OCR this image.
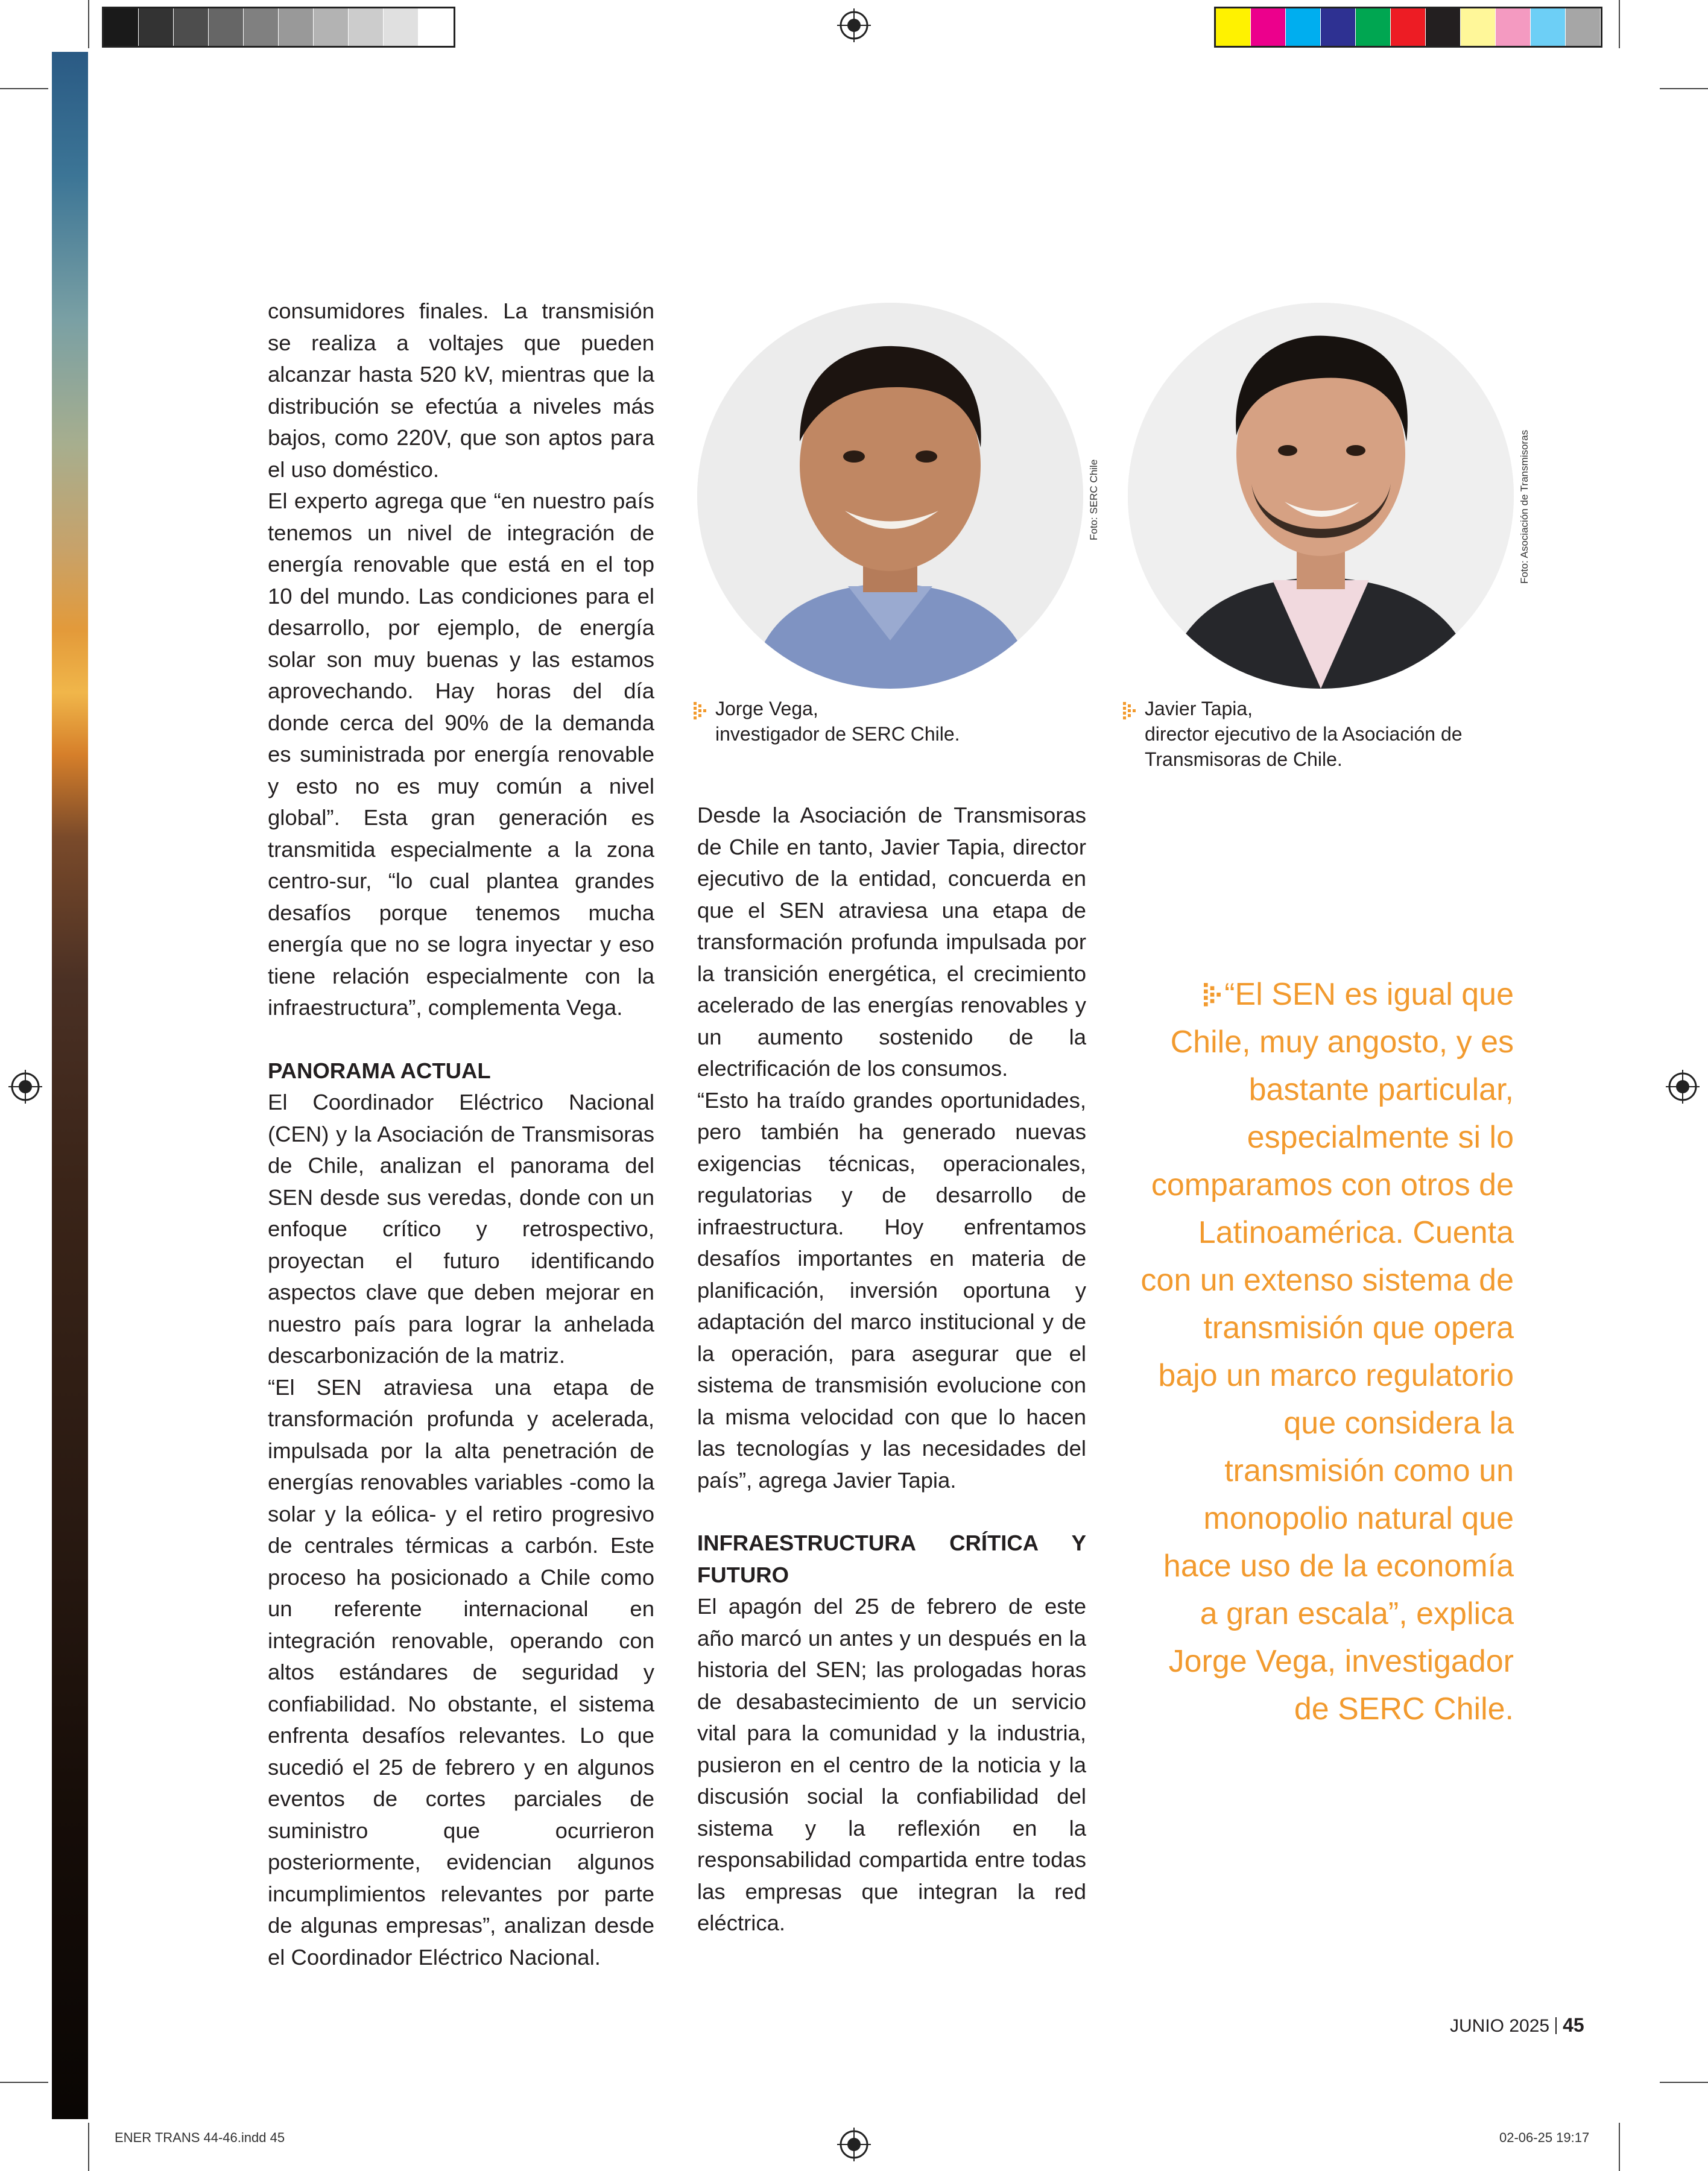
consumidores finales. La transmisión se realiza a voltajes que pueden alcanzar hasta 520 kV, mientras que la distribución se efectúa a niveles más bajos, como 220V, que son aptos para el uso doméstico.

El experto agrega que “en nuestro país tenemos un nivel de integración de energía renovable que está en el top 10 del mundo. Las condiciones para el desarrollo, por ejemplo, de energía solar son muy buenas y las estamos aprovechando. Hay horas del día donde cerca del 90% de la demanda es suministrada por energía renovable y esto no es muy común a nivel global”. Esta gran generación es transmitida especialmente a la zona centro-sur, “lo cual plantea grandes desafíos porque tenemos mucha energía que no se logra inyectar y eso tiene relación especialmente con la infraestructura”, complementa Vega.

PANORAMA ACTUAL

El Coordinador Eléctrico Nacional (CEN) y la Asociación de Transmisoras de Chile, analizan el panorama del SEN desde sus veredas, donde con un enfoque crítico y retrospectivo, proyectan el futuro identificando aspectos clave que deben mejorar en nuestro país para lograr la anhelada descarbonización de la matriz.

“El SEN atraviesa una etapa de transformación profunda y acelerada, impulsada por la alta penetración de energías renovables variables -como la solar y la eólica- y el retiro progresivo de centrales térmicas a carbón. Este proceso ha posicionado a Chile como un referente internacional en integración renovable, operando con altos estándares de seguridad y confiabilidad. No obstante, el sistema enfrenta desafíos relevantes. Lo que sucedió el 25 de febrero y en algunos eventos de cortes parciales de suministro que ocurrieron posteriormente, evidencian algunos incumplimientos relevantes por parte de algunas empresas”, analizan desde el Coordinador Eléctrico Nacional.

Foto: SERC Chile	Foto: Asociación de Transmisoras
Jorge Vega,
investigador de SERC Chile.
Javier Tapia,
director ejecutivo de la Asociación de Transmisoras de Chile.

Desde la Asociación de Transmisoras de Chile en tanto, Javier Tapia, director ejecutivo de la entidad, concuerda en que el SEN atraviesa una etapa de transformación profunda impulsada por la transición energética, el crecimiento acelerado de las energías renovables y un aumento sostenido de la electrificación de los consumos.

“Esto ha traído grandes oportunidades, pero también ha generado nuevas exigencias técnicas, operacionales, regulatorias y de desarrollo de infraestructura. Hoy enfrentamos desafíos importantes en materia de planificación, inversión oportuna y adaptación del marco institucional y de la operación, para asegurar que el sistema de transmisión evolucione con la misma velocidad con que lo hacen las tecnologías y las necesidades del país”, agrega Javier Tapia.

INFRAESTRUCTURA CRÍTICA Y FUTURO

El apagón del 25 de febrero de este año marcó un antes y un después en la historia del SEN; las prologadas horas de desabastecimiento de un servicio vital para la comunidad y la industria, pusieron en el centro de la noticia y la discusión social la confiabilidad del sistema y la reflexión en la responsabilidad compartida entre todas las empresas que integran la red eléctrica.

“El SEN es igual que Chile, muy angosto, y es bastante particular, especialmente si lo comparamos con otros de Latinoamérica. Cuenta con un extenso sistema de transmisión que opera bajo un marco regulatorio que considera la transmisión como un monopolio natural que hace uso de la economía a gran escala”, explica Jorge Vega, investigador de SERC Chile.
JUNIO 2025 45
ENER TRANS 44-46.indd 45	02-06-25 19:17
